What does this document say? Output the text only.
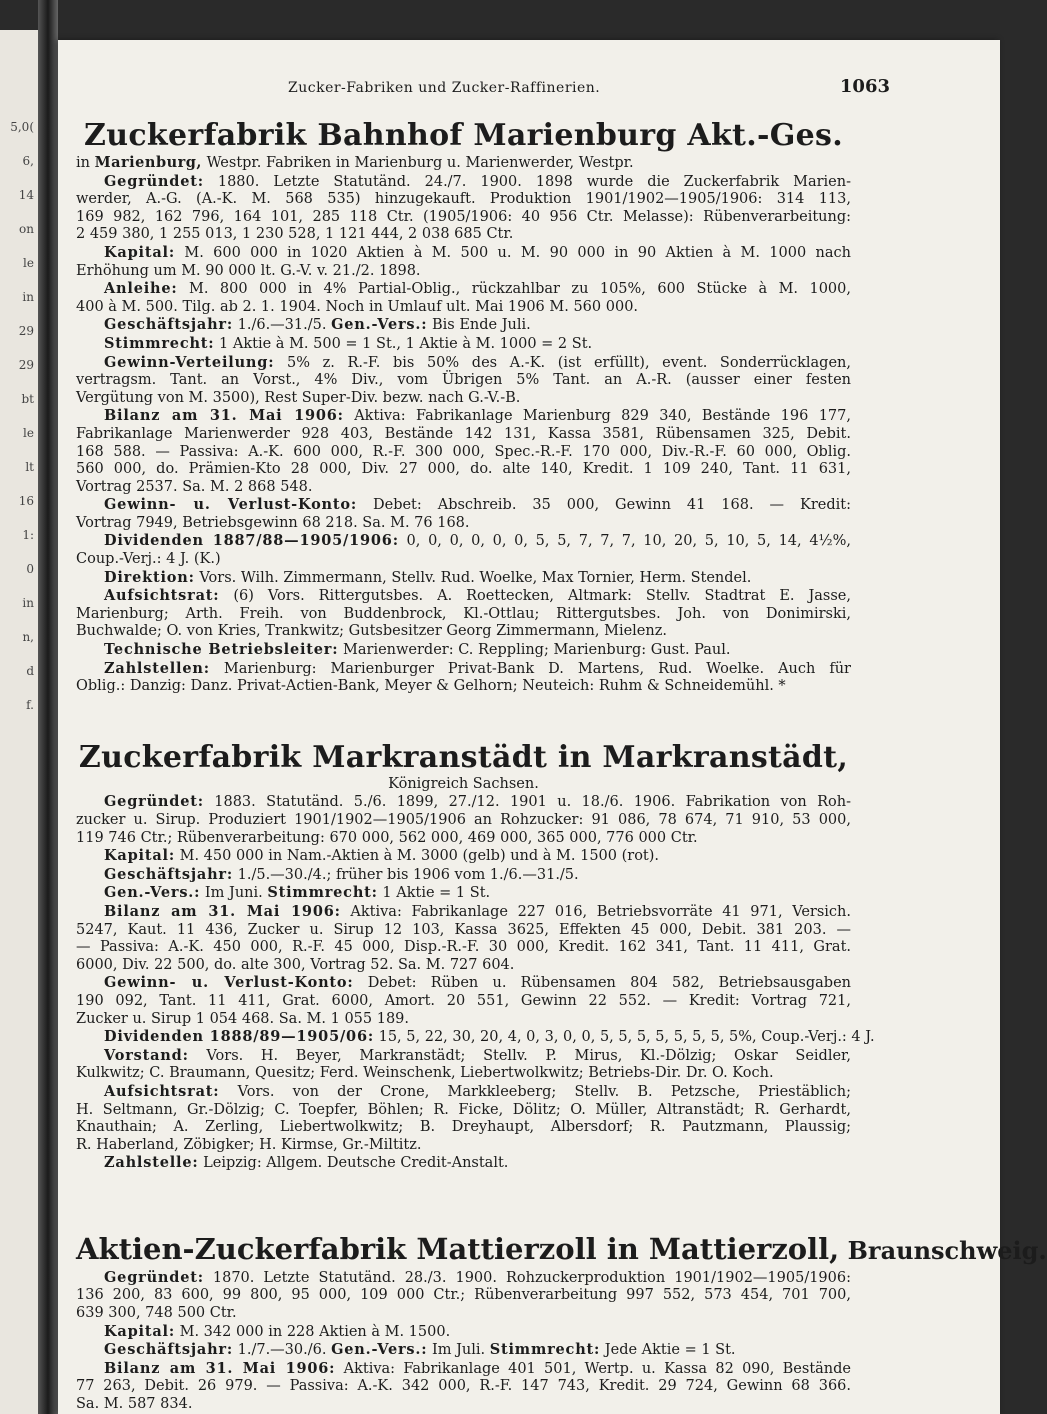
5,0(
6,
14
on
le
in
29
29
bt
le
lt
16
1:
0
in
n,
d
f.
Zucker-Fabriken und Zucker-Raffinerien.	1063
Zuckerfabrik Bahnhof Marienburg Akt.-Ges.

in Marienburg, Westpr. Fabriken in Marienburg u. Marienwerder, Westpr.

Gegründet: 1880. Letzte Statutänd. 24./7. 1900. 1898 wurde die Zuckerfabrik Marien-

werder, A.-G. (A.-K. M. 568 535) hinzugekauft. Produktion 1901/1902—1905/1906: 314 113,

169 982, 162 796, 164 101, 285 118 Ctr. (1905/1906: 40 956 Ctr. Melasse): Rübenverarbeitung:

2 459 380, 1 255 013, 1 230 528, 1 121 444, 2 038 685 Ctr.

Kapital: M. 600 000 in 1020 Aktien à M. 500 u. M. 90 000 in 90 Aktien à M. 1000 nach

Erhöhung um M. 90 000 lt. G.-V. v. 21./2. 1898.

Anleihe: M. 800 000 in 4% Partial-Oblig., rückzahlbar zu 105%, 600 Stücke à M. 1000,

400 à M. 500. Tilg. ab 2. 1. 1904. Noch in Umlauf ult. Mai 1906 M. 560 000.

Geschäftsjahr: 1./6.—31./5. Gen.-Vers.: Bis Ende Juli.

Stimmrecht: 1 Aktie à M. 500 = 1 St., 1 Aktie à M. 1000 = 2 St.

Gewinn-Verteilung: 5% z. R.-F. bis 50% des A.-K. (ist erfüllt), event. Sonderrücklagen,

vertragsm. Tant. an Vorst., 4% Div., vom Übrigen 5% Tant. an A.-R. (ausser einer festen

Vergütung von M. 3500), Rest Super-Div. bezw. nach G.-V.-B.

Bilanz am 31. Mai 1906: Aktiva: Fabrikanlage Marienburg 829 340, Bestände 196 177,

Fabrikanlage Marienwerder 928 403, Bestände 142 131, Kassa 3581, Rübensamen 325, Debit.

168 588. — Passiva: A.-K. 600 000, R.-F. 300 000, Spec.-R.-F. 170 000, Div.-R.-F. 60 000, Oblig.

560 000, do. Prämien-Kto 28 000, Div. 27 000, do. alte 140, Kredit. 1 109 240, Tant. 11 631,

Vortrag 2537. Sa. M. 2 868 548.

Gewinn- u. Verlust-Konto: Debet: Abschreib. 35 000, Gewinn 41 168. — Kredit:

Vortrag 7949, Betriebsgewinn 68 218. Sa. M. 76 168.

Dividenden 1887/88—1905/1906: 0, 0, 0, 0, 0, 0, 5, 5, 7, 7, 7, 10, 20, 5, 10, 5, 14, 4½%,

Coup.-Verj.: 4 J. (K.)

Direktion: Vors. Wilh. Zimmermann, Stellv. Rud. Woelke, Max Tornier, Herm. Stendel.

Aufsichtsrat: (6) Vors. Rittergutsbes. A. Roettecken, Altmark: Stellv. Stadtrat E. Jasse,

Marienburg; Arth. Freih. von Buddenbrock, Kl.-Ottlau; Rittergutsbes. Joh. von Donimirski,

Buchwalde; O. von Kries, Trankwitz; Gutsbesitzer Georg Zimmermann, Mielenz.

Technische Betriebsleiter: Marienwerder: C. Reppling; Marienburg: Gust. Paul.

Zahlstellen: Marienburg: Marienburger Privat-Bank D. Martens, Rud. Woelke. Auch für

Oblig.: Danzig: Danz. Privat-Actien-Bank, Meyer & Gelhorn; Neuteich: Ruhm & Schneidemühl. *

Zuckerfabrik Markranstädt in Markranstädt,

Königreich Sachsen.

Gegründet: 1883. Statutänd. 5./6. 1899, 27./12. 1901 u. 18./6. 1906. Fabrikation von Roh-

zucker u. Sirup. Produziert 1901/1902—1905/1906 an Rohzucker: 91 086, 78 674, 71 910, 53 000,

119 746 Ctr.; Rübenverarbeitung: 670 000, 562 000, 469 000, 365 000, 776 000 Ctr.

Kapital: M. 450 000 in Nam.-Aktien à M. 3000 (gelb) und à M. 1500 (rot).

Geschäftsjahr: 1./5.—30./4.; früher bis 1906 vom 1./6.—31./5.

Gen.-Vers.: Im Juni. Stimmrecht: 1 Aktie = 1 St.

Bilanz am 31. Mai 1906: Aktiva: Fabrikanlage 227 016, Betriebsvorräte 41 971, Versich.

5247, Kaut. 11 436, Zucker u. Sirup 12 103, Kassa 3625, Effekten 45 000, Debit. 381 203. —

— Passiva: A.-K. 450 000, R.-F. 45 000, Disp.-R.-F. 30 000, Kredit. 162 341, Tant. 11 411, Grat.

6000, Div. 22 500, do. alte 300, Vortrag 52. Sa. M. 727 604.

Gewinn- u. Verlust-Konto: Debet: Rüben u. Rübensamen 804 582, Betriebsausgaben

190 092, Tant. 11 411, Grat. 6000, Amort. 20 551, Gewinn 22 552. — Kredit: Vortrag 721,

Zucker u. Sirup 1 054 468. Sa. M. 1 055 189.

Dividenden 1888/89—1905/06: 15, 5, 22, 30, 20, 4, 0, 3, 0, 0, 5, 5, 5, 5, 5, 5, 5, 5%, Coup.-Verj.: 4 J.

Vorstand: Vors. H. Beyer, Markranstädt; Stellv. P. Mirus, Kl.-Dölzig; Oskar Seidler,

Kulkwitz; C. Braumann, Quesitz; Ferd. Weinschenk, Liebertwolkwitz; Betriebs-Dir. Dr. O. Koch.

Aufsichtsrat: Vors. von der Crone, Markkleeberg; Stellv. B. Petzsche, Priestäblich;

H. Seltmann, Gr.-Dölzig; C. Toepfer, Böhlen; R. Ficke, Dölitz; O. Müller, Altranstädt; R. Gerhardt,

Knauthain; A. Zerling, Liebertwolkwitz; B. Dreyhaupt, Albersdorf; R. Pautzmann, Plaussig;

R. Haberland, Zöbigker; H. Kirmse, Gr.-Miltitz.

Zahlstelle: Leipzig: Allgem. Deutsche Credit-Anstalt.

Aktien-Zuckerfabrik Mattierzoll in Mattierzoll, Braunschweig.

Gegründet: 1870. Letzte Statutänd. 28./3. 1900. Rohzuckerproduktion 1901/1902—1905/1906:

136 200, 83 600, 99 800, 95 000, 109 000 Ctr.; Rübenverarbeitung 997 552, 573 454, 701 700,

639 300, 748 500 Ctr.

Kapital: M. 342 000 in 228 Aktien à M. 1500.

Geschäftsjahr: 1./7.—30./6. Gen.-Vers.: Im Juli. Stimmrecht: Jede Aktie = 1 St.

Bilanz am 31. Mai 1906: Aktiva: Fabrikanlage 401 501, Wertp. u. Kassa 82 090, Bestände

77 263, Debit. 26 979. — Passiva: A.-K. 342 000, R.-F. 147 743, Kredit. 29 724, Gewinn 68 366.

Sa. M. 587 834.
